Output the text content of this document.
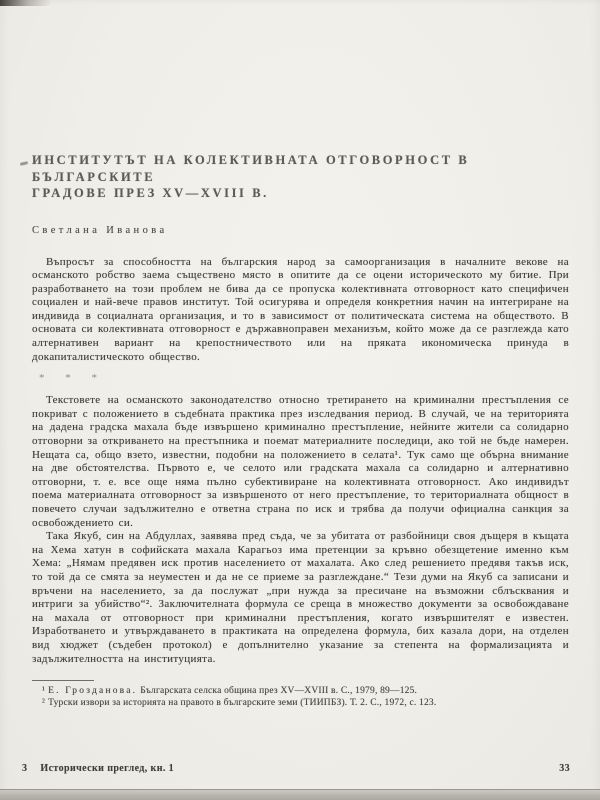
ИНСТИТУТЪТ НА КОЛЕКТИВНАТА ОТГОВОРНОСТ В БЪЛГАРСКИТЕ
ГРАДОВЕ ПРЕЗ XV—XVIII В.
Светлана Иванова

Въпросът за способността на българския народ за самоорганизация в началните векове на османското робство заема съществено място в опитите да се оцени историческото му битие. При разработването на този проблем не бива да се пропуска колективната отговорност като специфичен социален и най-вече правов институт. Той осигурява и определя конкретния начин на интегриране на индивида в социалната организация, и то в зависимост от политическата система на обществото. В основата си колективната отговорност е държавноправен механизъм, който може да се разглежда като алтернативен вариант на крепостничеството или на пряката икономическа принуда в докапиталистическото общество.

* * *

Текстовете на османското законодателство относно третирането на криминални престъпления се покриват с положението в съдебната практика през изследвания период. В случай, че на територията на дадена градска махала бъде извършено криминално престъпление, нейните жители са солидарно отговорни за откриването на престъпника и поемат материалните последици, ако той не бъде намерен. Нещата са, общо взето, известни, подобни на положението в селата¹. Тук само ще обърна внимание на две обстоятелства. Първото е, че селото или градската махала са солидарно и алтернативно отговорни, т. е. все още няма пълно субективиране на колективната отговорност. Ако индивидът поема материалната отговорност за извършеното от него престъпление, то териториалната общност в повечето случаи задължително е ответна страна по иск и трябва да получи официална санкция за освобождението си.

Така Якуб, син на Абдуллах, заявява пред съда, че за убитата от разбойници своя дъщеря в къщата на Хема хатун в софийската махала Карагьоз има претенции за кръвно обезщетение именно към Хема: „Нямам предявен иск против населението от махалата. Ако след решението предявя такъв иск, то той да се смята за неуместен и да не се приеме за разглеждане.“ Тези думи на Якуб са записани и връчени на населението, за да послужат „при нужда за пресичане на възможни сблъсквания и интриги за убийство“². Заключителната формула се среща в множество документи за освобождаване на махала от отговорност при криминални престъпления, когато извършителят е известен. Изработването и утвърждаването в практиката на определена формула, бих казала дори, на отделен вид хюджет (съдебен протокол) е допълнително указание за степента на формализацията и задължителността на институцията.

¹ Е. Грозданова. Българската селска община през XV—XVIII в. С., 1979, 89—125.
² Турски извори за историята на правото в българските земи (ТИИПБЗ). Т. 2. С., 1972, с. 123.
3 Исторически преглед, кн. 1	33
